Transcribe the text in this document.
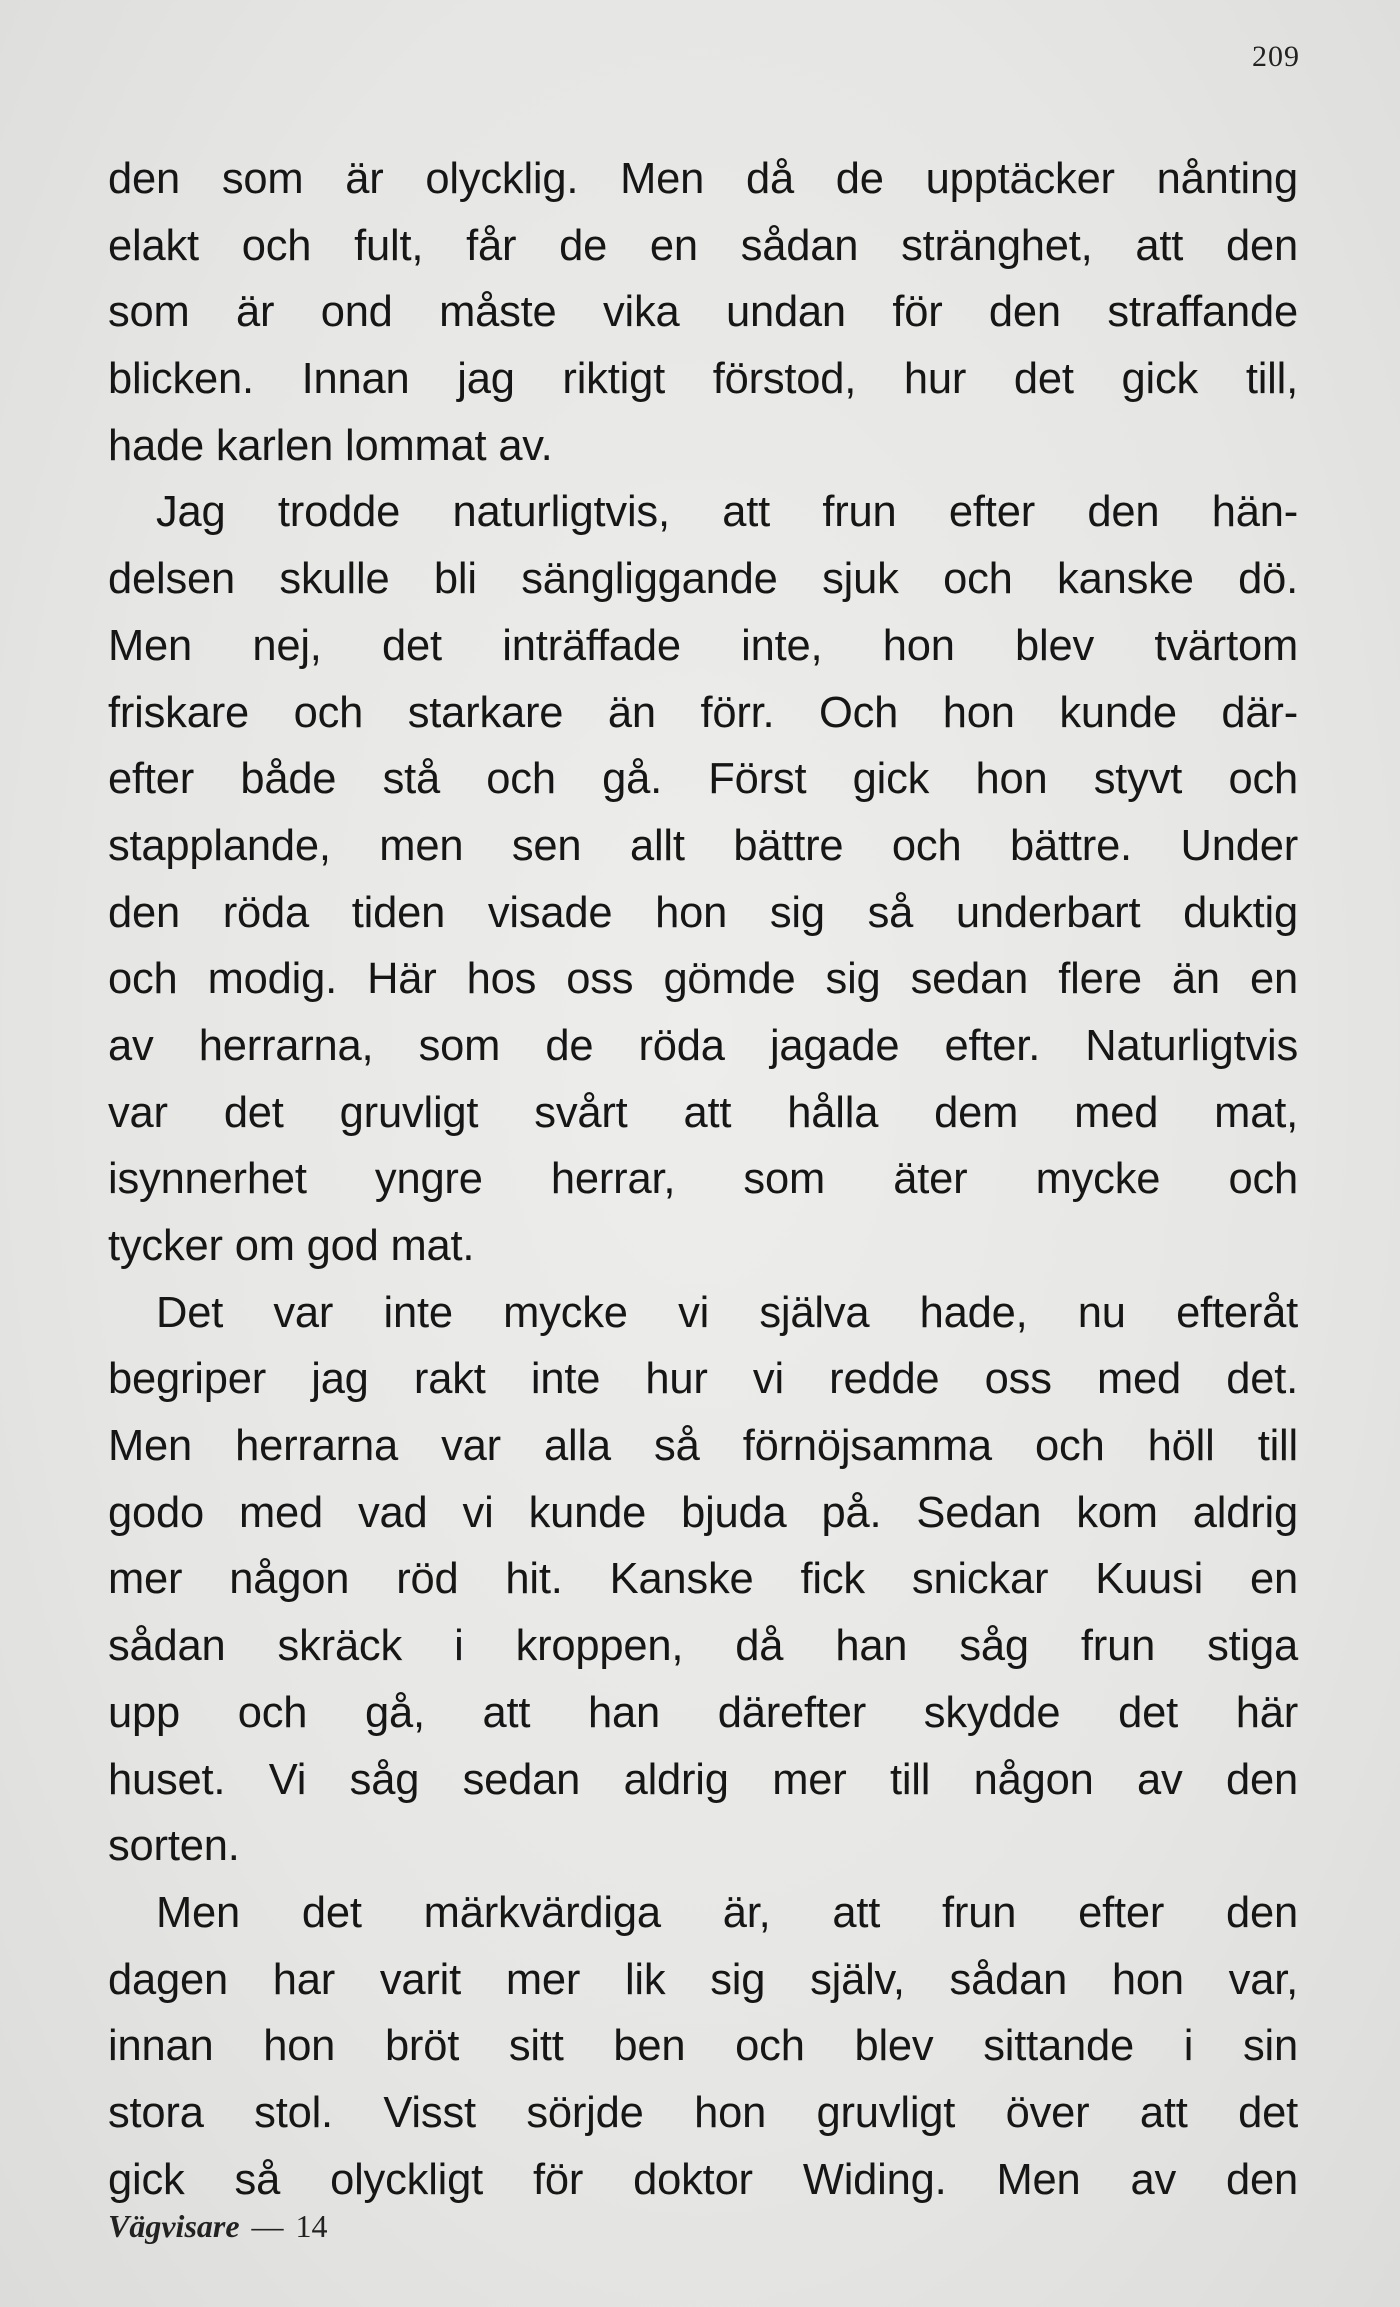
209
den som är olycklig. Men då de upptäcker nånting
elakt och fult, får de en sådan stränghet, att den
som är ond måste vika undan för den straffande
blicken. Innan jag riktigt förstod, hur det gick till,
hade karlen lommat av.
Jag trodde naturligtvis, att frun efter den hän-
delsen skulle bli sängliggande sjuk och kanske dö.
Men nej, det inträffade inte, hon blev tvärtom
friskare och starkare än förr. Och hon kunde där-
efter både stå och gå. Först gick hon styvt och
stapplande, men sen allt bättre och bättre. Under
den röda tiden visade hon sig så underbart duktig
och modig. Här hos oss gömde sig sedan flere än en
av herrarna, som de röda jagade efter. Naturligtvis
var det gruvligt svårt att hålla dem med mat,
isynnerhet yngre herrar, som äter mycke och
tycker om god mat.
Det var inte mycke vi själva hade, nu efteråt
begriper jag rakt inte hur vi redde oss med det.
Men herrarna var alla så förnöjsamma och höll till
godo med vad vi kunde bjuda på. Sedan kom aldrig
mer någon röd hit. Kanske fick snickar Kuusi en
sådan skräck i kroppen, då han såg frun stiga
upp och gå, att han därefter skydde det här
huset. Vi såg sedan aldrig mer till någon av den
sorten.
Men det märkvärdiga är, att frun efter den
dagen har varit mer lik sig själv, sådan hon var,
innan hon bröt sitt ben och blev sittande i sin
stora stol. Visst sörjde hon gruvligt över att det
gick så olyckligt för doktor Widing. Men av den
Vägvisare — 14
